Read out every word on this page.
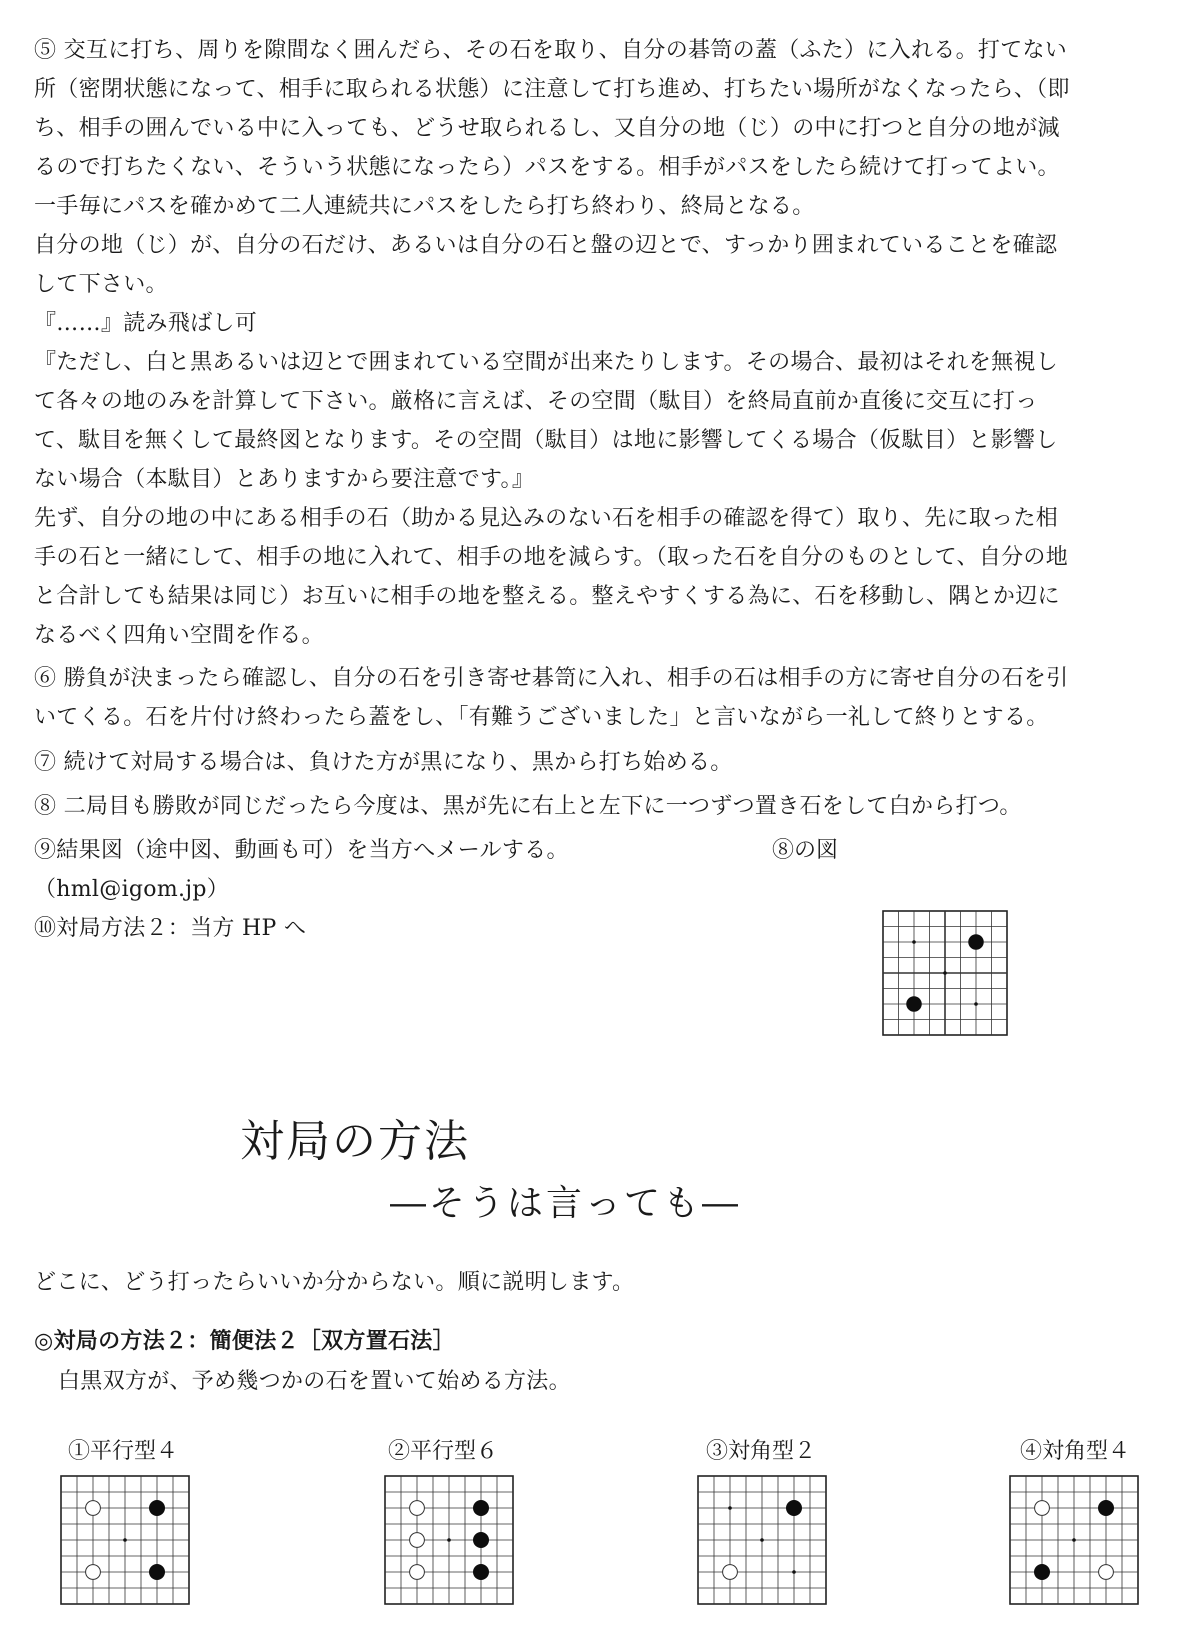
⑤ 交互に打ち、周りを隙間なく囲んだら、その石を取り、自分の碁笥の蓋（ふた）に入れる。打てない
所（密閉状態になって、相手に取られる状態）に注意して打ち進め、打ちたい場所がなくなったら、（即
ち、相手の囲んでいる中に入っても、どうせ取られるし、又自分の地（じ）の中に打つと自分の地が減
るので打ちたくない、そういう状態になったら）パスをする。相手がパスをしたら続けて打ってよい。
一手毎にパスを確かめて二人連続共にパスをしたら打ち終わり、終局となる。
自分の地（じ）が、自分の石だけ、あるいは自分の石と盤の辺とで、すっかり囲まれていることを確認
して下さい。
『……』読み飛ばし可
『ただし、白と黒あるいは辺とで囲まれている空間が出来たりします。その場合、最初はそれを無視し
て各々の地のみを計算して下さい。厳格に言えば、その空間（駄目）を終局直前か直後に交互に打っ
て、駄目を無くして最終図となります。その空間（駄目）は地に影響してくる場合（仮駄目）と影響し
ない場合（本駄目）とありますから要注意です。』
先ず、自分の地の中にある相手の石（助かる見込みのない石を相手の確認を得て）取り、先に取った相
手の石と一緒にして、相手の地に入れて、相手の地を減らす。（取った石を自分のものとして、自分の地
と合計しても結果は同じ）お互いに相手の地を整える。整えやすくする為に、石を移動し、隅とか辺に
なるべく四角い空間を作る。
⑥ 勝負が決まったら確認し、自分の石を引き寄せ碁笥に入れ、相手の石は相手の方に寄せ自分の石を引
いてくる。石を片付け終わったら蓋をし、「有難うございました」と言いながら一礼して終りとする。
⑦ 続けて対局する場合は、負けた方が黒になり、黒から打ち始める。
⑧ 二局目も勝敗が同じだったら今度は、黒が先に右上と左下に一つずつ置き石をして白から打つ。
⑨結果図（途中図、動画も可）を当方へメールする。
（hml@igom.jp）
⑩対局方法２：当方 HP へ
⑧の図
対局の方法
―そうは言っても―
どこに、どう打ったらいいか分からない。順に説明します。
◎対局の方法２：簡便法２［双方置石法］
白黒双方が、予め幾つかの石を置いて始める方法。
①平行型４	②平行型６	③対角型２	④対角型４
